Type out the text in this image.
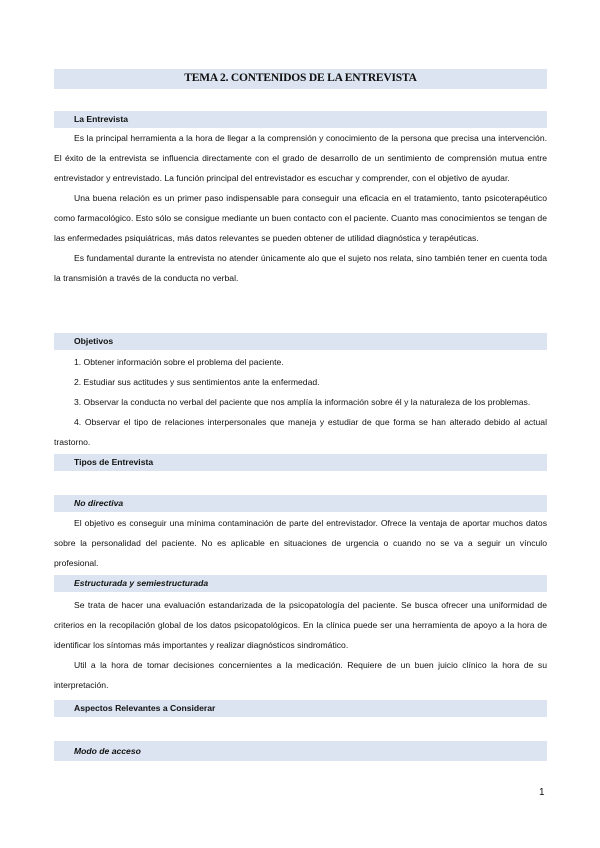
TEMA 2. CONTENIDOS DE LA ENTREVISTA
La Entrevista

Es la principal herramienta a la hora de llegar a la comprensión y conocimiento de la persona que precisa una intervención. El éxito de la entrevista se influencia directamente con el grado de desarrollo de un sentimiento de comprensión mutua entre entrevistador y entrevistado. La función principal del entrevistador es escuchar y comprender, con el objetivo de ayudar.

Una buena relación es un primer paso indispensable para conseguir una eficacia en el tratamiento, tanto psicoterapéutico como farmacológico. Esto sólo se consigue mediante un buen contacto con el paciente. Cuanto mas conocimientos se tengan de las enfermedades psiquiátricas, más datos relevantes se pueden obtener de utilidad diagnóstica y terapéuticas.

Es fundamental durante la entrevista no atender únicamente alo que el sujeto nos relata, sino también tener en cuenta toda la transmisión a través de la conducta no verbal.

Objetivos

1. Obtener información sobre el problema del paciente.

2. Estudiar sus actitudes y sus sentimientos ante la enfermedad.

3. Observar la conducta no verbal del paciente que nos amplía la información sobre él y la naturaleza de los problemas.

4. Observar el tipo de relaciones interpersonales que maneja y estudiar de que forma se han alterado debido al actual trastorno.

Tipos de Entrevista
No directiva

El objetivo es conseguir una mínima contaminación de parte del entrevistador. Ofrece la ventaja de aportar muchos datos sobre la personalidad del paciente. No es aplicable en situaciones de urgencia o cuando no se va a seguir un vínculo profesional.

Estructurada y semiestructurada

Se trata de hacer una evaluación estandarizada de la psicopatología del paciente. Se busca ofrecer una uniformidad de criterios en la recopilación global de los datos psicopatológicos. En la clínica puede ser una herramienta de apoyo a la hora de identificar los síntomas más importantes y realizar diagnósticos sindromático.

Util a la hora de tomar decisiones concernientes a la medicación. Requiere de un buen juicio clínico la hora de su interpretación.

Aspectos Relevantes a Considerar
Modo de acceso
1
